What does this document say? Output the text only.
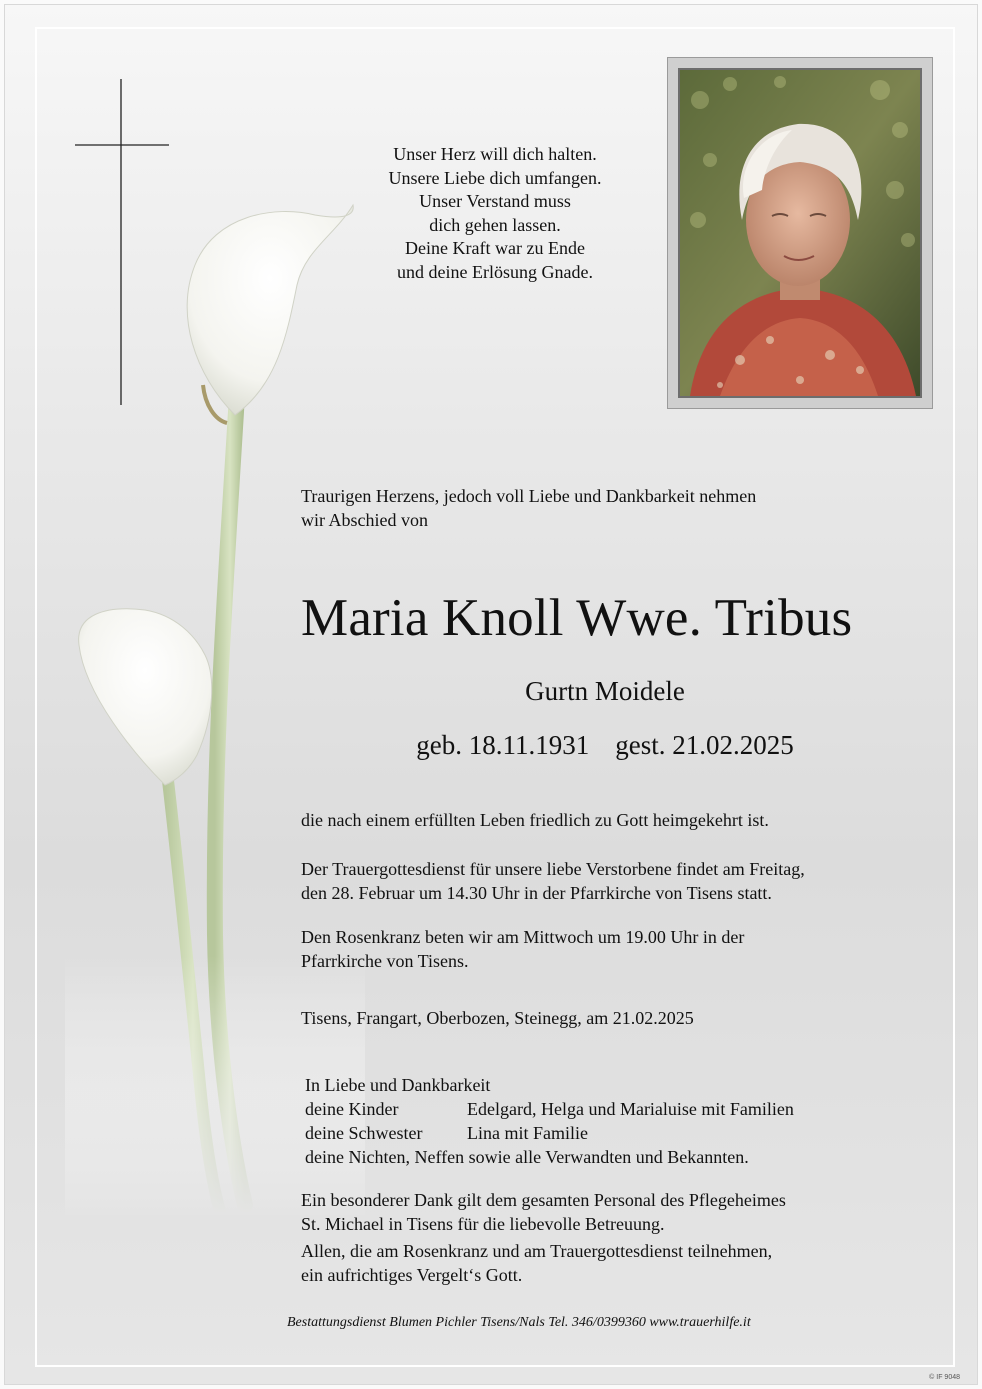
Unser Herz will dich halten.
Unsere Liebe dich umfangen.
Unser Verstand muss
dich gehen lassen.
Deine Kraft war zu Ende
und deine Erlösung Gnade.
Traurigen Herzens, jedoch voll Liebe und Dankbarkeit nehmen
wir Abschied von
Maria Knoll Wwe. Tribus
Gurtn Moidele
geb. 18.11.1931 gest. 21.02.2025
die nach einem erfüllten Leben friedlich zu Gott heimgekehrt ist.
Der Trauergottesdienst für unsere liebe Verstorbene findet am Freitag,
den 28. Februar um 14.30 Uhr in der Pfarrkirche von Tisens statt.
Den Rosenkranz beten wir am Mittwoch um 19.00 Uhr in der
Pfarrkirche von Tisens.
Tisens, Frangart, Oberbozen, Steinegg, am 21.02.2025
In Liebe und Dankbarkeit
deine Kinder	Edelgard, Helga und Marialuise mit Familien
deine Schwester	Lina mit Familie
deine Nichten, Neffen sowie alle Verwandten und Bekannten.
Ein besonderer Dank gilt dem gesamten Personal des Pflegeheimes
St. Michael in Tisens für die liebevolle Betreuung.
Allen, die am Rosenkranz und am Trauergottesdienst teilnehmen,
ein aufrichtiges Vergelt‘s Gott.
Bestattungsdienst Blumen Pichler Tisens/Nals Tel. 346/0399360 www.trauerhilfe.it
© IF 9048
